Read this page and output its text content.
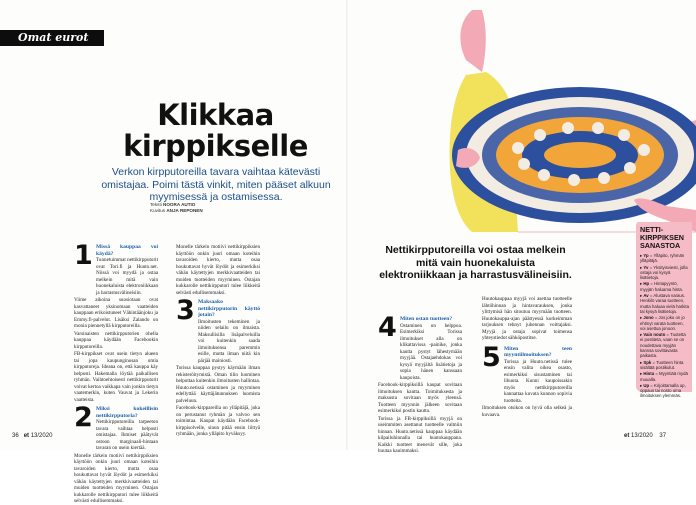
Omat eurot
Klikkaa
kirppikselle
Verkon kirpputoreilla tavara vaihtaa kätevästi omistajaa. Poimi tästä vinkit, miten pääset alkuun myymisessä ja ostamisessa.
Teksti NOORA AUTIO
Kuvitus ANJA REPONEN
1 Missä kauppaa voi käydä?

Tunnetuimmat nettikirpputorit ovat Tori.fi ja Huuto.net. Niissä voi myydä ja ostaa melkein mitä vain huonekaluista elektroniikkaan ja harrastusvälineisiin.

Viime aikoina suosiotaan ovat kasvattaneet yksinomaan vaatteiden kauppaan erikoistuneet Vähintäänjoku ja Emmy.fi-palvelut. Lisäksi Zalando on monia piennetyllä kirpputoreilla.

Varsinaisten nettikirpputorien ohella kauppaa käydään Facebookin kirpputoreilla.

FB-kirppikset ovat usein tietyn alueen tai jopa kaupunginosan omia kirpputoreja. Ideana on, että kauppa käy helposti. Hakemalla löytää paikallisen ryhmän. Vaihtoehtoisesti nettikirpputorit voivat kertoa vaikkapa vain jonkin tietyn vaatemerkin, kuten Vauvat ja Lekerin vaatteista.

2 Miksi kokeillisin nettikirpputoria?

Nettikirpputoreilla tarpeeton tavara vaihtaa helposti omistajaa. Ihmiset päätyvät ostoon marginaali-hintaan tavaran on usein kiertää.

Monelle tärkein motiivi nettikirppiksien käyttöön onkin juuri omaan koteihin tavaroiden kierto, mutta osaa houkuttavat hyvät löydöt ja esimerkiksi vähän käytettyjen merkkivaatteiden tai muiden tuotteiden myyminen. Ostajan kukkarolle nettikirpputori tulee liikkeitä selvästi edullisemmaksi.

Monelle tärkein motiivi nettikirppiksien käyttöön onkin juuri omaan koteihin tavaroiden kierto, mutta osaa houkuttavat hyvät löydöt ja esimerkiksi vähän käytettyjen merkkivaatteiden tai muiden tuotteiden myyminen. Ostajan kukkarolle nettikirpputori tulee liikkeitä selvästi edullisemmaksi.

3 Maksaako nettikirpputorin käyttö jotain?

Ilmoitusten tekeminen ja niiden selailu on ilmaista. Maksullisilla lisäpalveluilla voi kuitenkin saada ilmoituksensa paremmin esille, mutta ilman niitä kin pärjää mainiosti.

Torissa kauppaa pystyy käymään ilman rekisteröitymistä. Oman tilin luominen helpottaa kuitenkin ilmoitusten hallintaa. Huuto.netissä ostaminen ja myyminen edellyttää käyttäjätunnuksen luomista palveluun.

Facebook-kirppareilla on ylläpitäjä, joka on perustanut ryhmän ja valvoo sen toimintaa. Kaupat käydään Facebook-kirppisolvelle, sinun pitää ensin liittyä ryhmään, jonka ylläpito hyväksyy.

36 et 13/2020
Nettikirpputoreilla voi ostaa melkein mitä vain huonekaluista elektroniikkaan ja harrastusvälineisiin.
4 Miten ostan tuotteen?

Ostaminen on helppoa. Esimerkiksi Torissa ilmoitukset alla on klikattavissa -painike, jonka kautta pystyt lähestymään myyjää. Ostajaehdokas voi kysyä myyjältä lisätietoja ja sopia hänen kanssaan kaupoista.

Facebook-kirppiksillä kaupat sovitaan ilmoituksen kautta. Toimituksesta ja maksusta sovitaan myös yleensä. Tuotteen myynnin jälkeen sovitaan esimerkiksi postin kautta.

Torissa ja FB-kirppiksillä myyjä on useimmiten asettanut tuotteelle valmiin hinnan. Huuto.netissä kauppaa käydään kilpailuhinnalla tai huutokauppana. Kaikki tuotteet menevät sille, joka huutaa kauimmaksi.

Huutokauppaa myyjä voi asettaa tuotteelle lähtöhinnan ja hintavarauksen, jonka ylittymisä hän sitoutuu myymään tuotteen. Huutokauppa-ajan päättyessä korkeimman tarjouksen tehnyt juhennan voittajaksi. Myyjä ja ostaja sopivat toimensa yhteystiedot sähköpostitse.

5 Miten teen myyntiilmoituksen?

Torissa ja Huuto.netissä tulee ensin valita oikea osasto, esimerkiksi sisustaminen tai lihuuta. Kunni kaupoissakin myös nettikirpputoreilla kannattaa kuvata kunnon sopivia tuotteita.

Ilmoituksen otsikon on hyvä olla selkeä ja kuvaava.

NETTI-KIRPPIKSEN SANASTOA
▸ Yp = Ylläpito, ryhmän ylläpitäjä.
▸ Yv = Yksityisviesti, jolla ostaja voi kysyä lisätietoja.
▸ Hp = Hintapyyntö, myyjän haluama hinta.
▸ Av = Alustava varaus. Henkilö varaa tuotteen, mutta haluaa vielä harkita tai kysyä lisätietoja.
▸ Jono = Jos joku on jo ehtinyt varata tuotteen, voi asettua jonoon.
▸ Vain nouto = Tuotetta ei postiteta, vaan se on noudettava myyjän kanssa sovittavasta paikasta.
▸ Spk = Tuotteen hinta sisältää postikulut.
▸ Hinta = Myyntiää mydä muualla.
▸ Up = Kirjoittamalla up, oppaus tai nosto oma ilmoituksen ylemmäs.
et 13/2020 37
